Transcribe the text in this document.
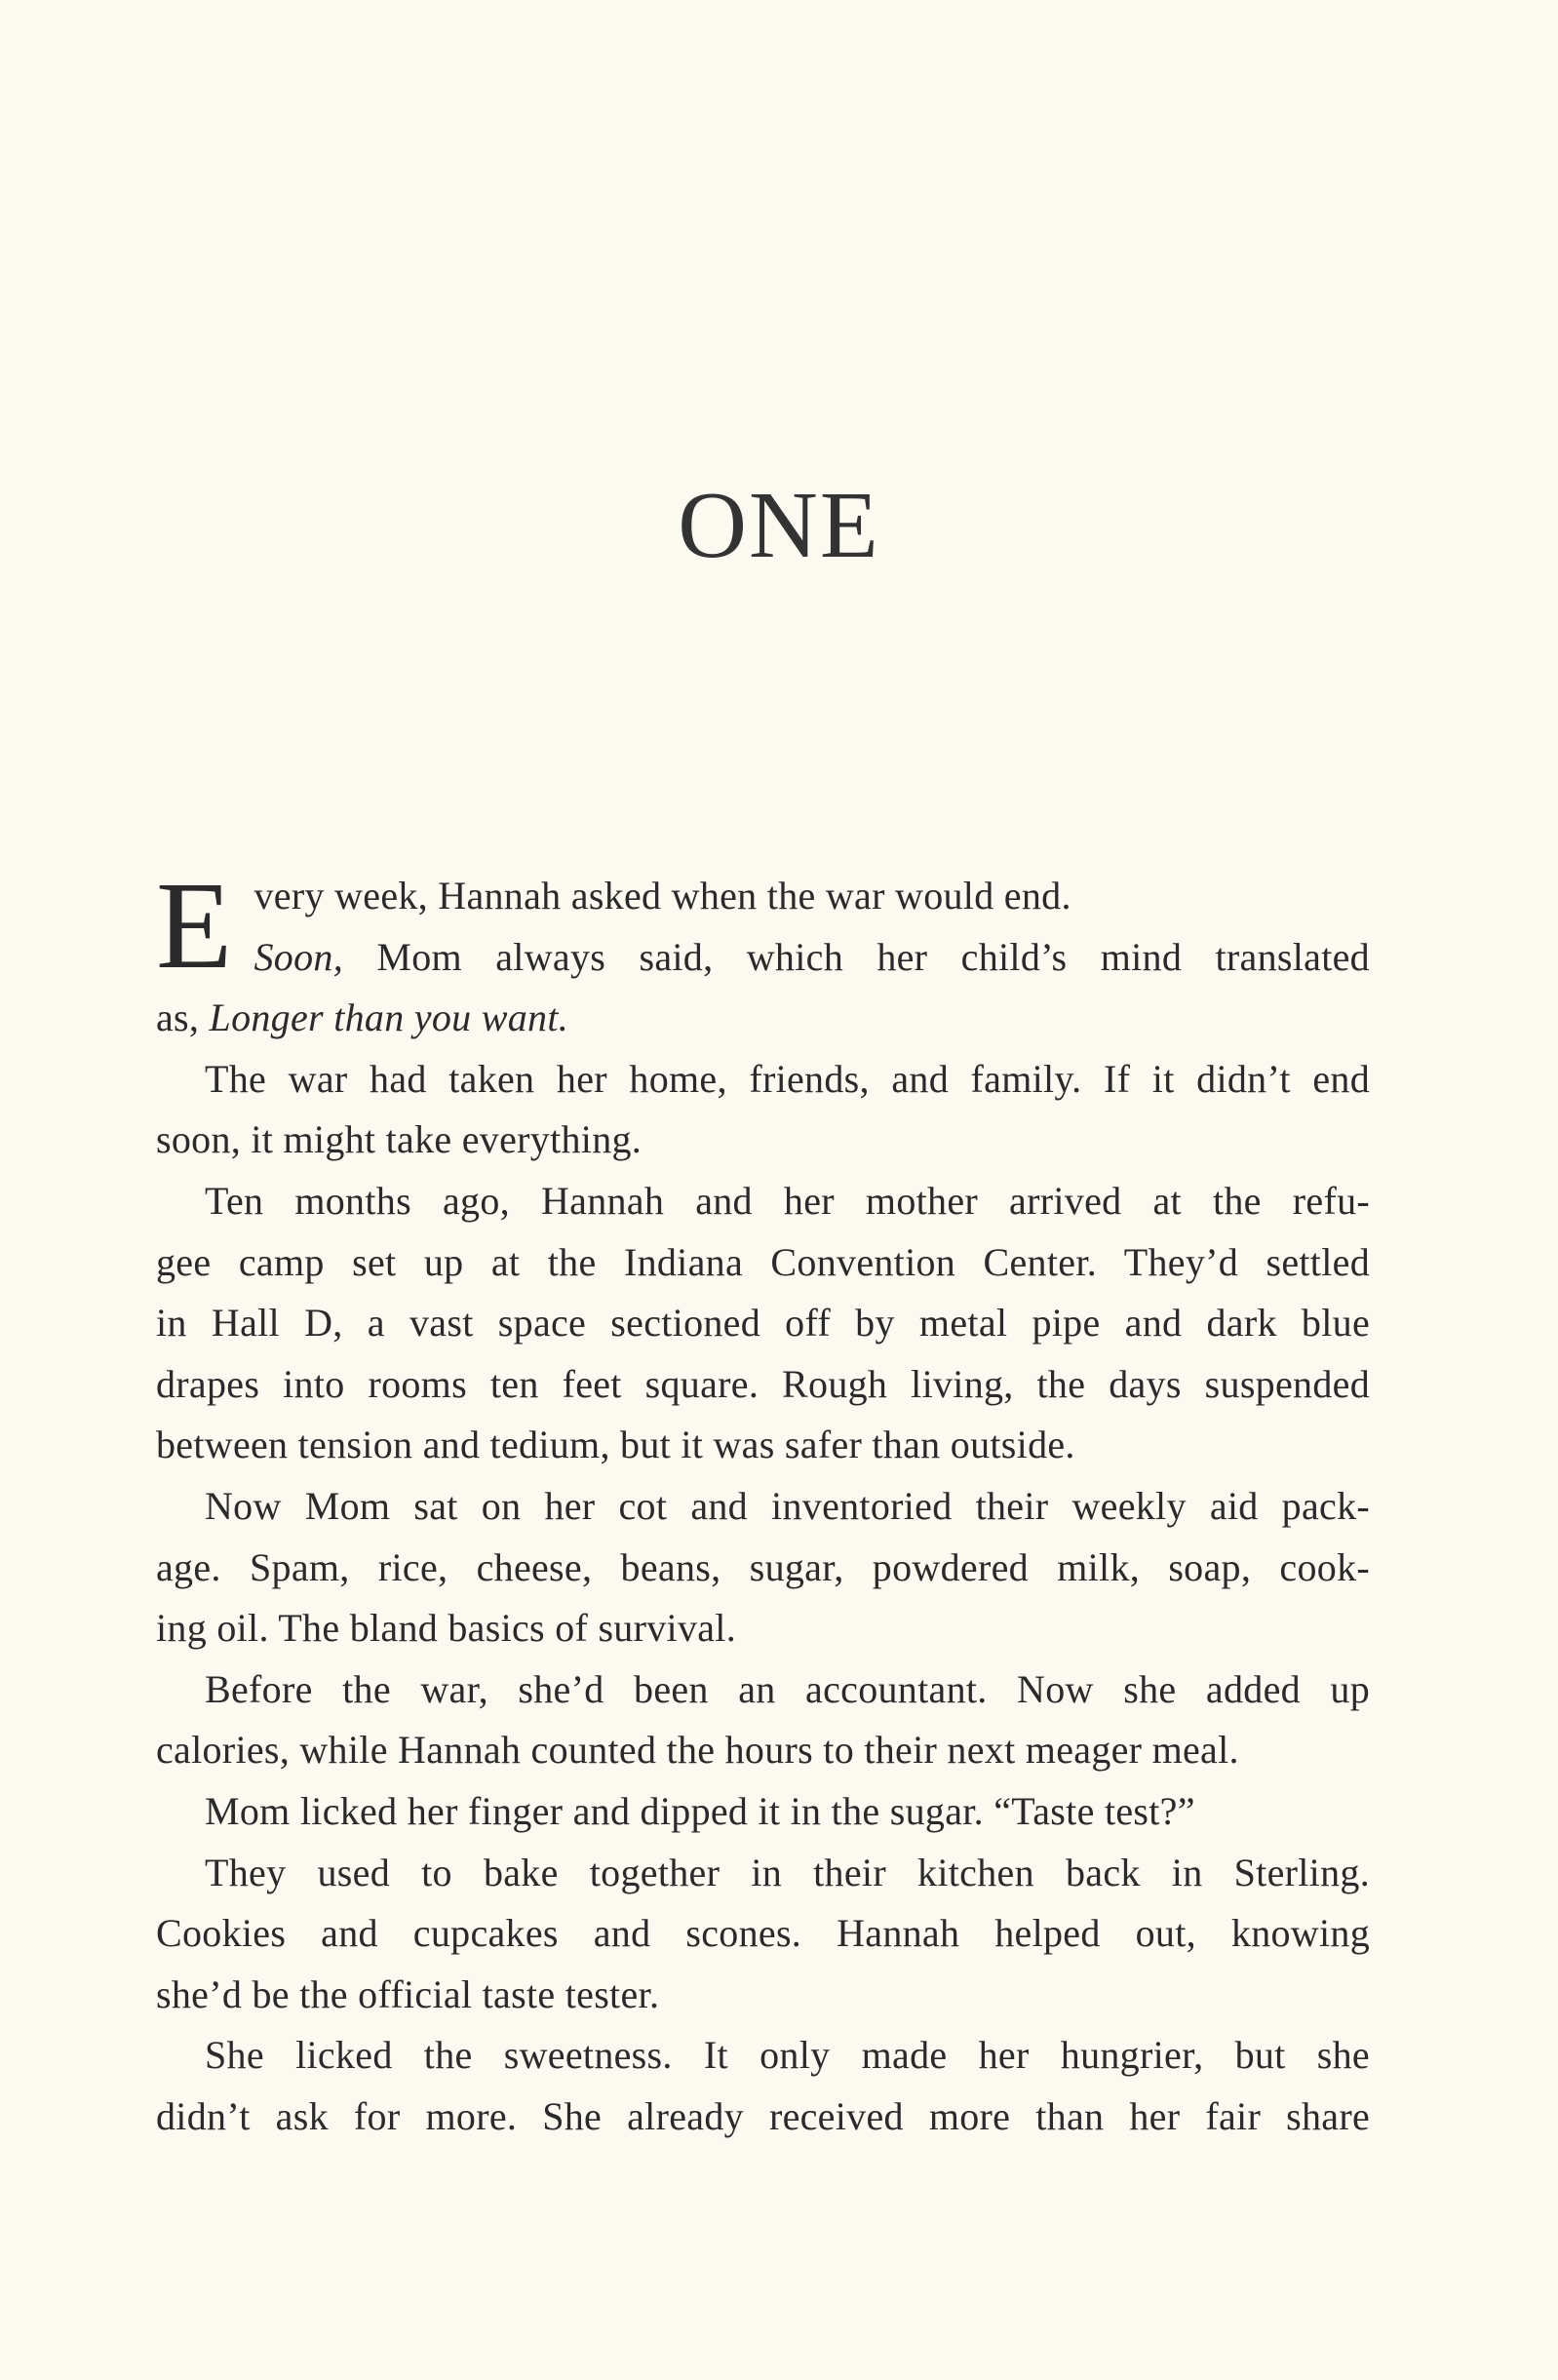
ONE
E very week, Hannah asked when the war would end.
Soon, Mom always said, which her child’s mind translated
as, Longer than you want.
The war had taken her home, friends, and family. If it didn’t end
soon, it might take everything.
Ten months ago, Hannah and her mother arrived at the refu-
gee camp set up at the Indiana Convention Center. They’d settled
in Hall D, a vast space sectioned off by metal pipe and dark blue
drapes into rooms ten feet square. Rough living, the days suspended
between tension and tedium, but it was safer than outside.
Now Mom sat on her cot and inventoried their weekly aid pack-
age. Spam, rice, cheese, beans, sugar, powdered milk, soap, cook-
ing oil. The bland basics of survival.
Before the war, she’d been an accountant. Now she added up
calories, while Hannah counted the hours to their next meager meal.
Mom licked her finger and dipped it in the sugar. “Taste test?”
They used to bake together in their kitchen back in Sterling.
Cookies and cupcakes and scones. Hannah helped out, knowing
she’d be the official taste tester.
She licked the sweetness. It only made her hungrier, but she
didn’t ask for more. She already received more than her fair share
